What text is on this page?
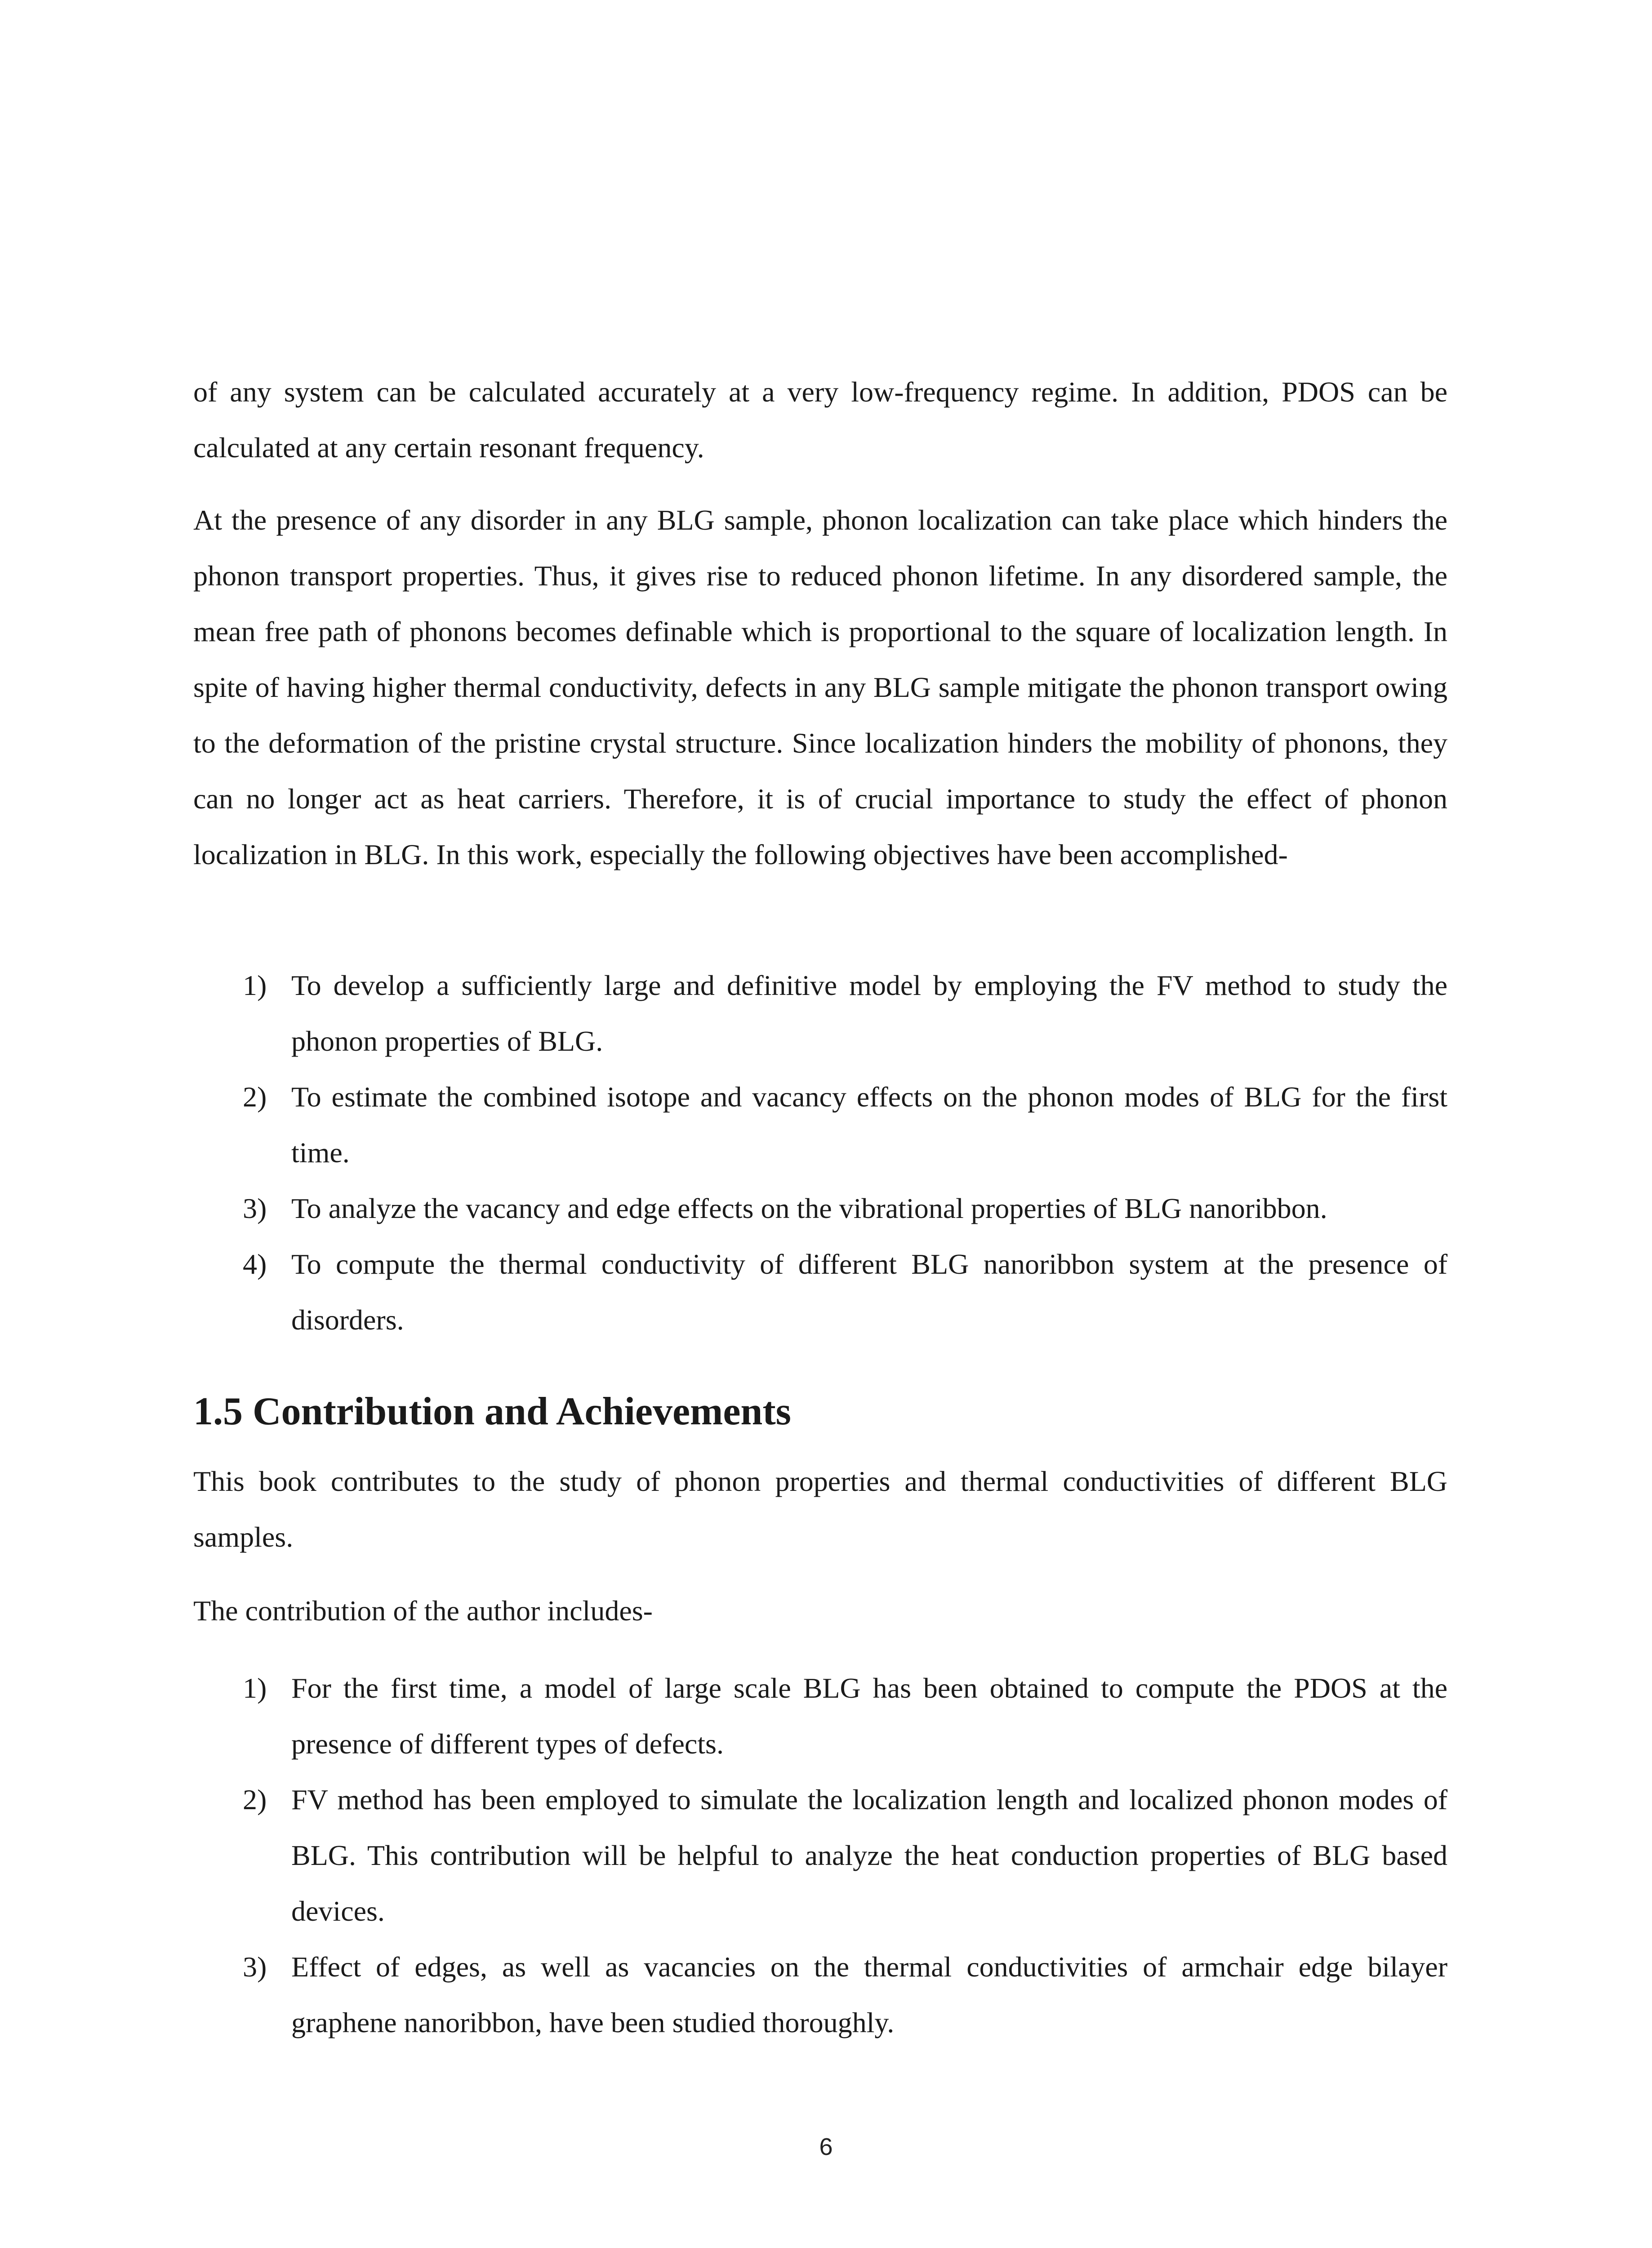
of any system can be calculated accurately at a very low-frequency regime. In addition, PDOS can be calculated at any certain resonant frequency.

At the presence of any disorder in any BLG sample, phonon localization can take place which hinders the phonon transport properties. Thus, it gives rise to reduced phonon lifetime. In any disordered sample, the mean free path of phonons becomes definable which is proportional to the square of localization length. In spite of having higher thermal conductivity, defects in any BLG sample mitigate the phonon transport owing to the deformation of the pristine crystal structure. Since localization hinders the mobility of phonons, they can no longer act as heat carriers. Therefore, it is of crucial importance to study the effect of phonon localization in BLG. In this work, especially the following objectives have been accomplished-

1) To develop a sufficiently large and definitive model by employing the FV method to study the phonon properties of BLG.
2) To estimate the combined isotope and vacancy effects on the phonon modes of BLG for the first time.
3) To analyze the vacancy and edge effects on the vibrational properties of BLG nanoribbon.
4) To compute the thermal conductivity of different BLG nanoribbon system at the presence of disorders.
1.5 Contribution and Achievements

This book contributes to the study of phonon properties and thermal conductivities of different BLG samples.

The contribution of the author includes-

1) For the first time, a model of large scale BLG has been obtained to compute the PDOS at the presence of different types of defects.
2) FV method has been employed to simulate the localization length and localized phonon modes of BLG. This contribution will be helpful to analyze the heat conduction properties of BLG based devices.
3) Effect of edges, as well as vacancies on the thermal conductivities of armchair edge bilayer graphene nanoribbon, have been studied thoroughly.
6
